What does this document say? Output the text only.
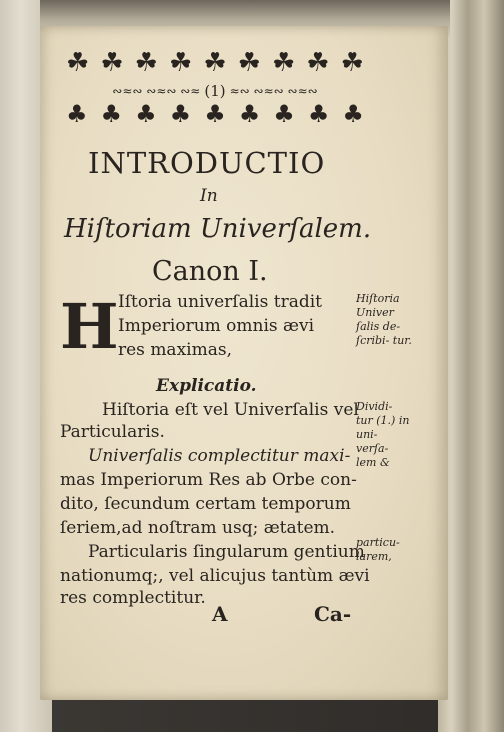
☘ ☘ ☘ ☘ ☘ ☘ ☘ ☘ ☘
∾≈∾ ∾≈∾ ∾≈ (1) ≈∾ ∾≈∾ ∾≈∾
♣ ♣ ♣ ♣ ♣ ♣ ♣ ♣ ♣
INTRODUCTIO
In
Hiſtoriam Univerſalem.
Canon I.
H Iſtoria univerſalis tradit
Imperiorum omnis ævi
res maximas,
Hiſtoria Univer ſalis de- ſcribi- tur.
Explicatio.
Hiſtoria eſt vel Univerſalis vel
Particularis.
Univerſalis complectitur maxi-
mas Imperiorum Res ab Orbe con-
dito, ſecundum certam temporum
ſeriem,ad noſtram usq; ætatem.
Particularis ſingularum gentium
nationumq;, vel alicujus tantùm ævi
res complectitur.
Dividi- tur (1.) in uni- verſa- lem &
particu- larem,
A	Ca-
